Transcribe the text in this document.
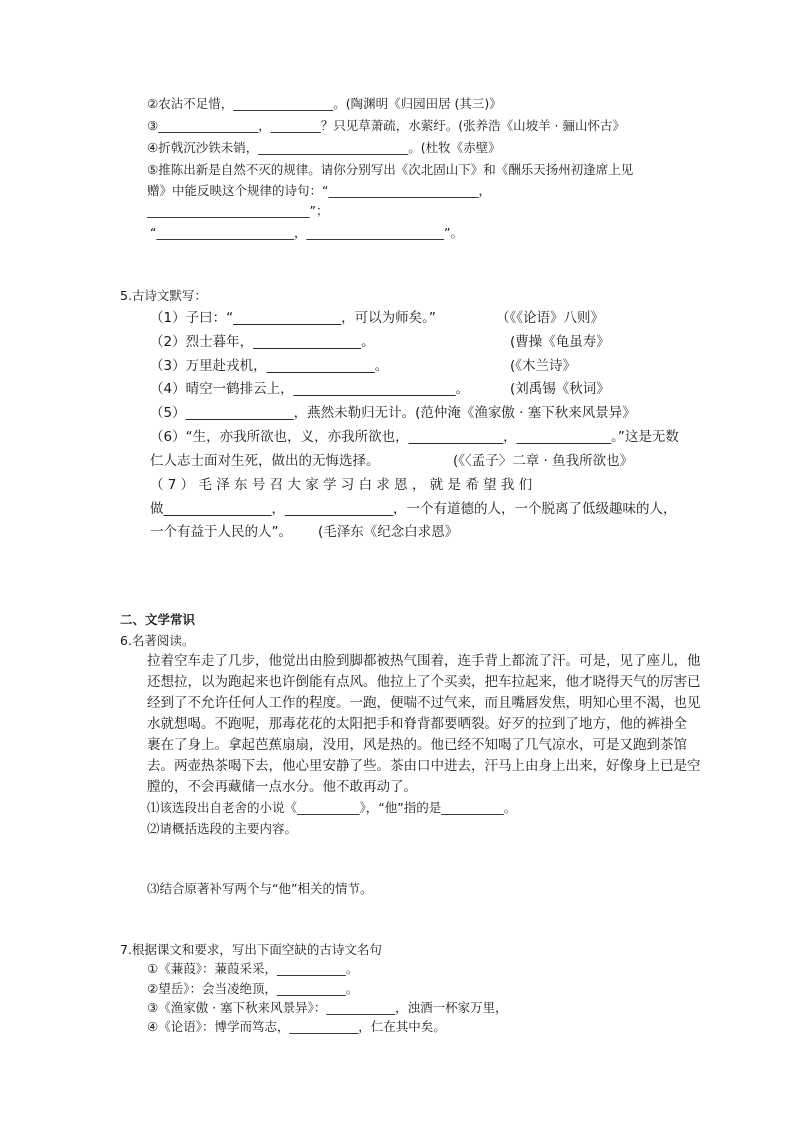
②农沾不足惜，________________。(陶渊明《归园田居 (其三)》
③________________，________？只见草萧疏，水萦纡。(张养浩《山坡羊 · 骊山怀古》
④折戟沉沙铁未销，________________________。(杜牧《赤壁》
⑤推陈出新是自然不灭的规律。请你分别写出《次北固山下》和《酬乐天扬州初逢席上见
赠》中能反映这个规律的诗句：“________________________，
__________________________”；
“______________________，______________________”。
5.古诗文默写：
（1）子曰：“________________，可以为师矣。”	（《《论语》八则》
（2）烈士暮年，________________。	(曹操《龟虽寿》
（3）万里赴戎机，________________。	(《木兰诗》
（4）晴空一鹤排云上，________________________。	(刘禹锡《秋词》
（5）________________，燕然未勒归无计。(范仲淹《渔家傲 · 塞下秋来风景异》
（6）“生，亦我所欲也，义，亦我所欲也，______________，______________。”这是无数
仁人志士面对生死，做出的无悔选择。	(《〈孟子〉二章 · 鱼我所欲也》
（ 7 ） 毛 泽 东 号 召 大 家 学 习 白 求 恩 ， 就 是 希 望 我 们
做________________，________________，一个有道德的人，一个脱离了低级趣味的人，
一个有益于人民的人”。 (毛泽东《纪念白求恩》
二、文学常识
6.名著阅读。
拉着空车走了几步，他觉出由脸到脚都被热气围着，连手背上都流了汗。可是，见了座儿，他
还想拉，以为跑起来也许倒能有点风。他拉上了个买卖，把车拉起来，他才晓得天气的厉害已
经到了不允许任何人工作的程度。一跑，便喘不过气来，而且嘴唇发焦，明知心里不渴，也见
水就想喝。不跑呢，那毒花花的太阳把手和脊背都要晒裂。好歹的拉到了地方，他的裤褂全
裹在了身上。拿起芭蕉扇扇，没用，风是热的。他已经不知喝了几气凉水，可是又跑到茶馆
去。两壶热茶喝下去，他心里安静了些。茶由口中进去，汗马上由身上出来，好像身上已是空
膛的，不会再藏储一点水分。他不敢再动了。
⑴该选段出自老舍的小说《__________》，“他”指的是__________。
⑵请概括选段的主要内容。
⑶结合原著补写两个与“他”相关的情节。
7.根据课文和要求，写出下面空缺的古诗文名句
①《蒹葭》：蒹葭采采，___________。
②望岳》：会当凌绝顶，___________。
③《渔家傲 · 塞下秋来风景异》：___________，浊酒一杯家万里，
④《论语》：博学而笃志，___________，仁在其中矣。
